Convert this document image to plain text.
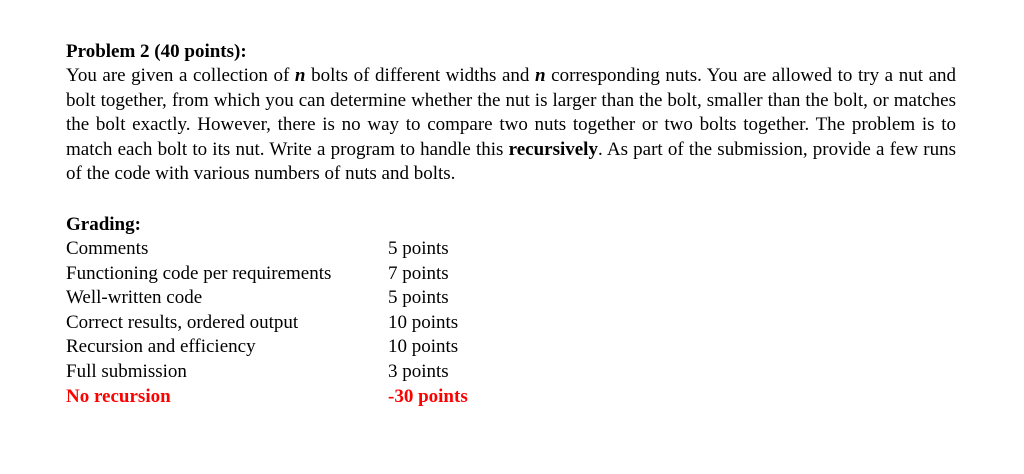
Problem 2 (40 points):

You are given a collection of n bolts of different widths and n corresponding nuts. You are allowed to try a nut and bolt together, from which you can determine whether the nut is larger than the bolt, smaller than the bolt, or matches the bolt exactly. However, there is no way to compare two nuts together or two bolts together. The problem is to match each bolt to its nut. Write a program to handle this recursively. As part of the submission, provide a few runs of the code with various numbers of nuts and bolts.

Grading:

Comments	5 points
Functioning code per requirements	7 points
Well-written code	5 points
Correct results, ordered output	10 points
Recursion and efficiency	10 points
Full submission	3 points
No recursion	-30 points
